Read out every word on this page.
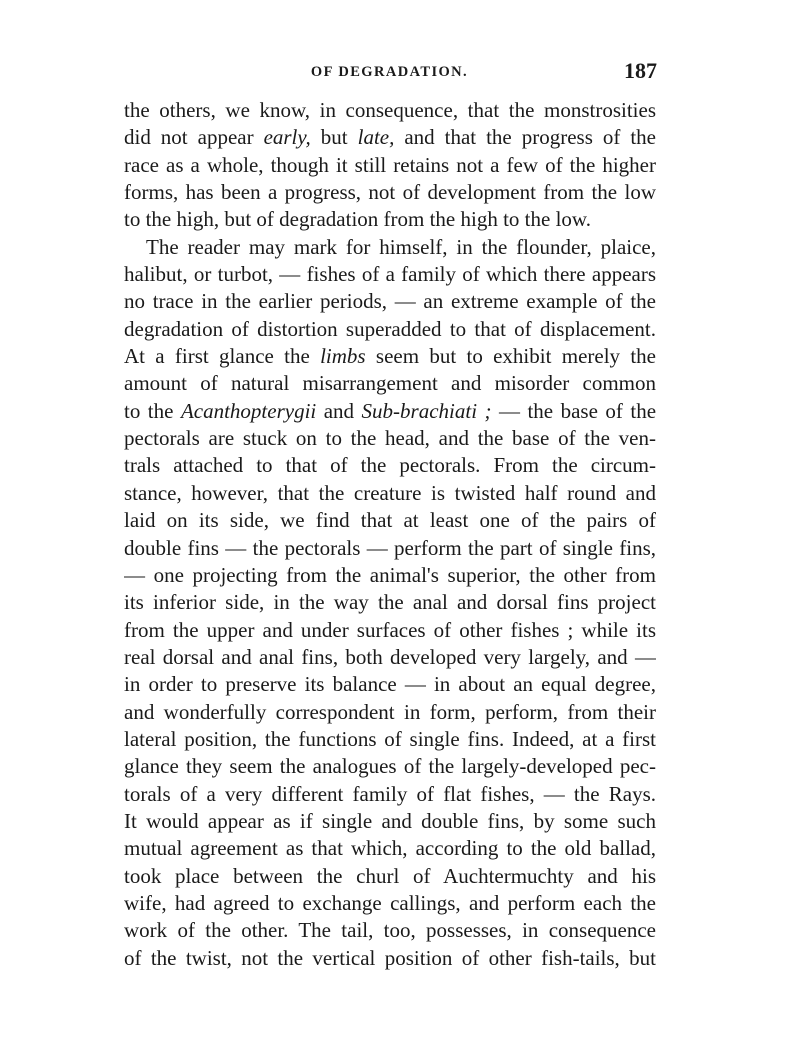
OF DEGRADATION.	187
the others, we know, in consequence, that the monstrosities
did not appear early, but late, and that the progress of the
race as a whole, though it still retains not a few of the higher
forms, has been a progress, not of development from the low
to the high, but of degradation from the high to the low.
The reader may mark for himself, in the flounder, plaice,
halibut, or turbot, — fishes of a family of which there appears
no trace in the earlier periods, — an extreme example of the
degradation of distortion superadded to that of displacement.
At a first glance the limbs seem but to exhibit merely the
amount of natural misarrangement and misorder common
to the Acanthopterygii and Sub-brachiati ; — the base of the
pectorals are stuck on to the head, and the base of the ven-
trals attached to that of the pectorals. From the circum-
stance, however, that the creature is twisted half round and
laid on its side, we find that at least one of the pairs of
double fins — the pectorals — perform the part of single fins,
— one projecting from the animal's superior, the other from
its inferior side, in the way the anal and dorsal fins project
from the upper and under surfaces of other fishes ; while its
real dorsal and anal fins, both developed very largely, and —
in order to preserve its balance — in about an equal degree,
and wonderfully correspondent in form, perform, from their
lateral position, the functions of single fins. Indeed, at a first
glance they seem the analogues of the largely-developed pec-
torals of a very different family of flat fishes, — the Rays.
It would appear as if single and double fins, by some such
mutual agreement as that which, according to the old ballad,
took place between the churl of Auchtermuchty and his
wife, had agreed to exchange callings, and perform each the
work of the other. The tail, too, possesses, in consequence
of the twist, not the vertical position of other fish-tails, but
